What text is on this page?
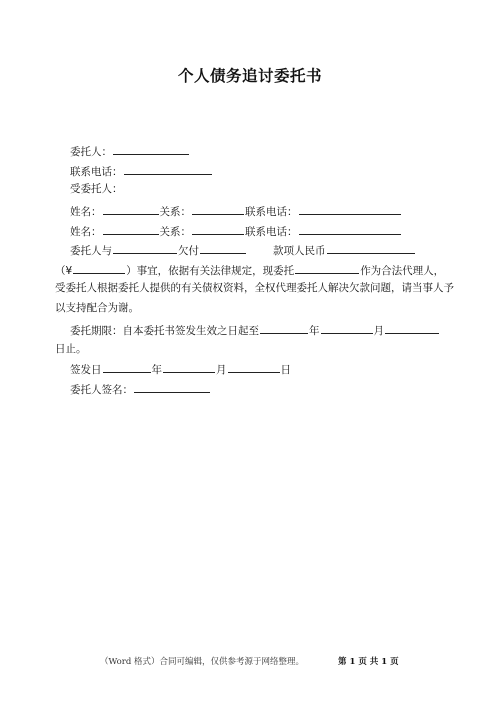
个人债务追讨委托书
委托人：
联系电话：
受委托人：
姓名：	关系：	联系电话：
姓名：	关系：	联系电话：
委托人与	欠付	款项人民币
（¥	）事宜，依据有关法律规定，现委托	作为合法代理人，
受委托人根据委托人提供的有关债权资料，全权代理委托人解决欠款问题，请当事人予以支持配合为谢。
委托期限：自本委托书签发生效之日起至	年	月
日止。
签发日	年	月	日
委托人签名：
（Word 格式）合同可编辑，仅供参考源于网络整理。	第 1 页 共 1 页
